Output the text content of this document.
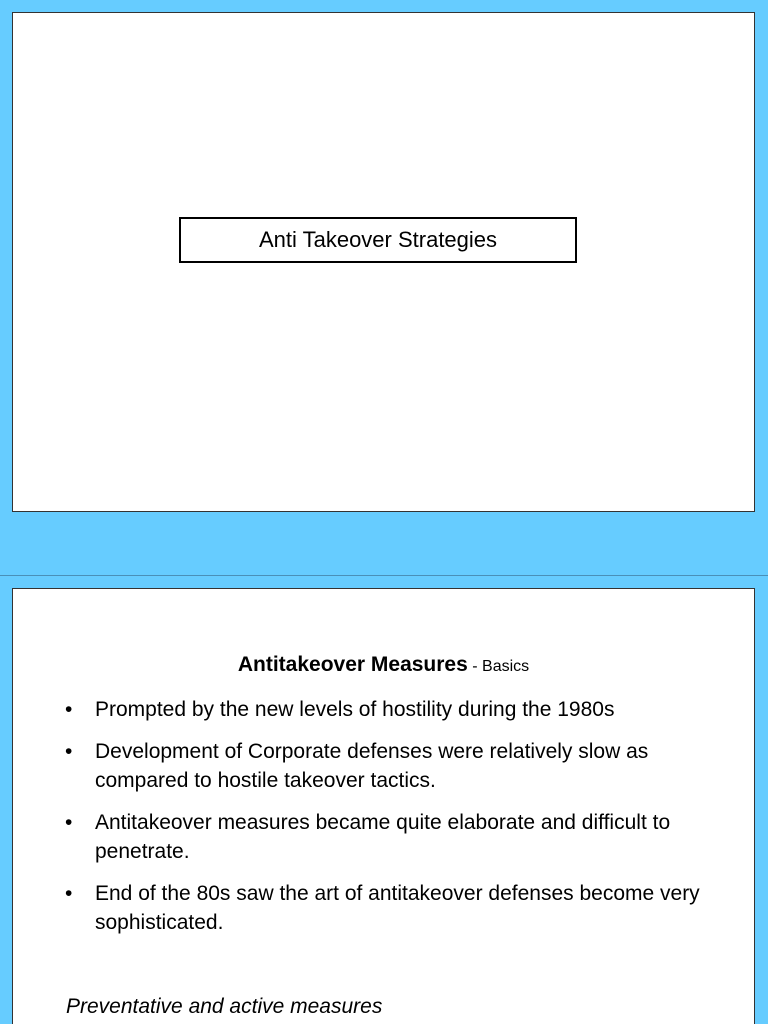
Anti Takeover Strategies
Antitakeover Measures - Basics
• Prompted by the new levels of hostility during the 1980s
• Development of Corporate defenses were relatively slow as compared to hostile takeover tactics.
• Antitakeover measures became quite elaborate and difficult to penetrate.
• End of the 80s saw the art of antitakeover defenses become very sophisticated.
Preventative and active measures
